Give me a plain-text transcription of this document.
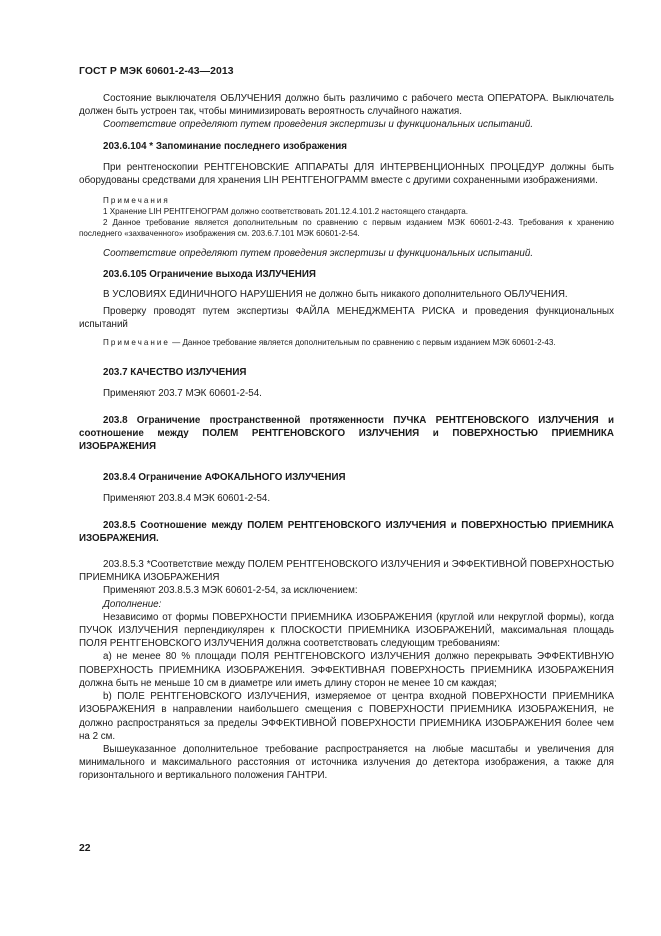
ГОСТ Р МЭК 60601-2-43—2013

Состояние выключателя ОБЛУЧЕНИЯ должно быть различимо с рабочего места ОПЕРАТОРА. Выключатель должен быть устроен так, чтобы минимизировать вероятность случайного нажатия.

Соответствие определяют путем проведения экспертизы и функциональных испытаний.

203.6.104 * Запоминание последнего изображения

При рентгеноскопии РЕНТГЕНОВСКИЕ АППАРАТЫ ДЛЯ ИНТЕРВЕНЦИОННЫХ ПРОЦЕДУР должны быть оборудованы средствами для хранения LIH РЕНТГЕНОГРАММ вместе с другими сохраненными изображениями.

Примечания

1 Хранение LIH РЕНТГЕНОГРАМ должно соответствовать 201.12.4.101.2 настоящего стандарта.

2 Данное требование является дополнительным по сравнению с первым изданием МЭК 60601-2-43. Требования к хранению последнего «захваченного» изображения см. 203.6.7.101 МЭК 60601-2-54.

Соответствие определяют путем проведения экспертизы и функциональных испытаний.

203.6.105 Ограничение выхода ИЗЛУЧЕНИЯ

В УСЛОВИЯХ ЕДИНИЧНОГО НАРУШЕНИЯ не должно быть никакого дополнительного ОБЛУЧЕНИЯ.

Проверку проводят путем экспертизы ФАЙЛА МЕНЕДЖМЕНТА РИСКА и проведения функциональных испытаний

Примечание — Данное требование является дополнительным по сравнению с первым изданием МЭК 60601-2-43.

203.7 КАЧЕСТВО ИЗЛУЧЕНИЯ

Применяют 203.7 МЭК 60601-2-54.

203.8 Ограничение пространственной протяженности ПУЧКА РЕНТГЕНОВСКОГО ИЗЛУЧЕНИЯ и соотношение между ПОЛЕМ РЕНТГЕНОВСКОГО ИЗЛУЧЕНИЯ и ПОВЕРХНОСТЬЮ ПРИЕМНИКА ИЗОБРАЖЕНИЯ

203.8.4 Ограничение АФОКАЛЬНОГО ИЗЛУЧЕНИЯ

Применяют 203.8.4 МЭК 60601-2-54.

203.8.5 Соотношение между ПОЛЕМ РЕНТГЕНОВСКОГО ИЗЛУЧЕНИЯ и ПОВЕРХНОСТЬЮ ПРИЕМНИКА ИЗОБРАЖЕНИЯ.

203.8.5.3 *Соответствие между ПОЛЕМ РЕНТГЕНОВСКОГО ИЗЛУЧЕНИЯ и ЭФФЕКТИВНОЙ ПОВЕРХНОСТЬЮ ПРИЕМНИКА ИЗОБРАЖЕНИЯ

Применяют 203.8.5.3 МЭК 60601-2-54, за исключением:

Дополнение:

Независимо от формы ПОВЕРХНОСТИ ПРИЕМНИКА ИЗОБРАЖЕНИЯ (круглой или некруглой формы), когда ПУЧОК ИЗЛУЧЕНИЯ перпендикулярен к ПЛОСКОСТИ ПРИЕМНИКА ИЗОБРАЖЕНИЙ, максимальная площадь ПОЛЯ РЕНТГЕНОВСКОГО ИЗЛУЧЕНИЯ должна соответствовать следующим требованиям:

а) не менее 80 % площади ПОЛЯ РЕНТГЕНОВСКОГО ИЗЛУЧЕНИЯ должно перекрывать ЭФФЕКТИВНУЮ ПОВЕРХНОСТЬ ПРИЕМНИКА ИЗОБРАЖЕНИЯ. ЭФФЕКТИВНАЯ ПОВЕРХНОСТЬ ПРИЕМНИКА ИЗОБРАЖЕНИЯ должна быть не меньше 10 см в диаметре или иметь длину сторон не менее 10 см каждая;

b) ПОЛЕ РЕНТГЕНОВСКОГО ИЗЛУЧЕНИЯ, измеряемое от центра входной ПОВЕРХНОСТИ ПРИЕМНИКА ИЗОБРАЖЕНИЯ в направлении наибольшего смещения с ПОВЕРХНОСТИ ПРИЕМНИКА ИЗОБРАЖЕНИЯ, не должно распространяться за пределы ЭФФЕКТИВНОЙ ПОВЕРХНОСТИ ПРИЕМНИКА ИЗОБРАЖЕНИЯ более чем на 2 см.

Вышеуказанное дополнительное требование распространяется на любые масштабы и увеличения для минимального и максимального расстояния от источника излучения до детектора изображения, а также для горизонтального и вертикального положения ГАНТРИ.

22
